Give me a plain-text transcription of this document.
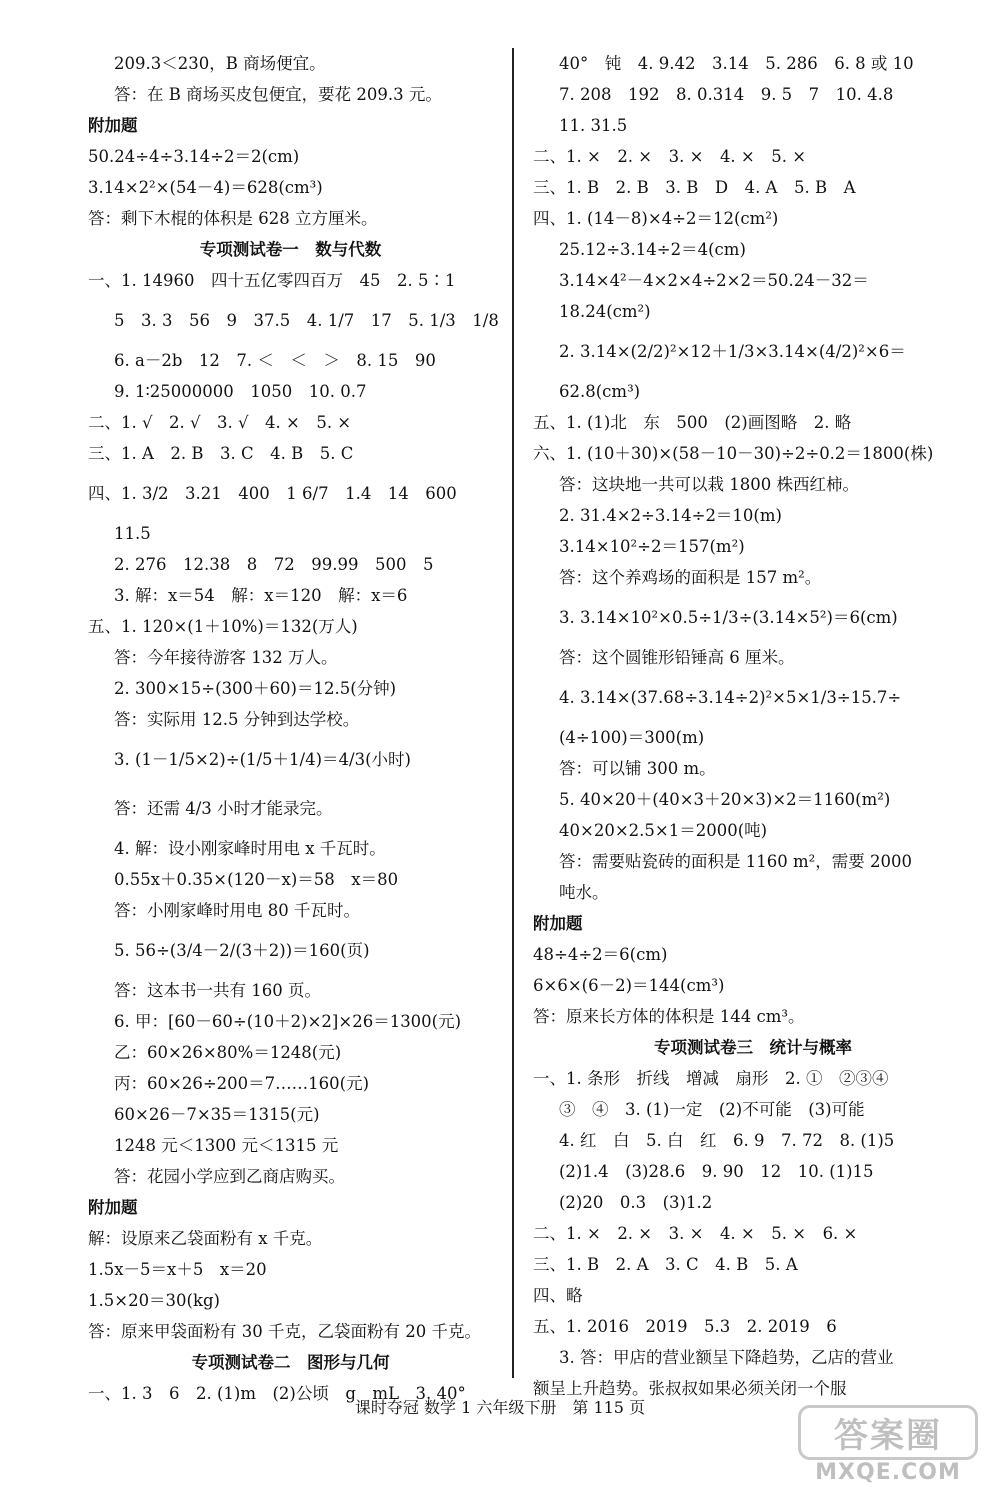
209.3＜230，B 商场便宜。
答：在 B 商场买皮包便宜，要花 209.3 元。
附加题
50.24÷4÷3.14÷2＝2(cm)
3.14×2²×(54－4)＝628(cm³)
答：剩下木棍的体积是 628 立方厘米。
专项测试卷一　数与代数
一、1. 14960　四十五亿零四百万　45　2. 5∶1
5　3. 3　56　9　37.5　4. 1/7　17　5. 1/3　1/8
6. a－2b　12　7. ＜　＜　＞　8. 15　90
9. 1∶25000000　1050　10. 0.7
二、1. √　2. √　3. √　4. ×　5. ×
三、1. A　2. B　3. C　4. B　5. C
四、1. 3/2　3.21　400　1 6/7　1.4　14　600
11.5
2. 276　12.38　8　72　99.99　500　5
3. 解：x＝54　解：x＝120　解：x＝6
五、1. 120×(1＋10%)＝132(万人)
答：今年接待游客 132 万人。
2. 300×15÷(300＋60)＝12.5(分钟)
答：实际用 12.5 分钟到达学校。
3. (1－1/5×2)÷(1/5＋1/4)＝4/3(小时)
答：还需 4/3 小时才能录完。
4. 解：设小刚家峰时用电 x 千瓦时。
0.55x＋0.35×(120－x)＝58　x＝80
答：小刚家峰时用电 80 千瓦时。
5. 56÷(3/4－2/(3＋2))＝160(页)
答：这本书一共有 160 页。
6. 甲：[60－60÷(10＋2)×2]×26＝1300(元)
乙：60×26×80%＝1248(元)
丙：60×26÷200＝7……160(元)
60×26－7×35＝1315(元)
1248 元＜1300 元＜1315 元
答：花园小学应到乙商店购买。
附加题
解：设原来乙袋面粉有 x 千克。
1.5x－5＝x＋5　x＝20
1.5×20＝30(kg)
答：原来甲袋面粉有 30 千克，乙袋面粉有 20 千克。
专项测试卷二　图形与几何
一、1. 3　6　2. (1)m　(2)公顷　g　mL　3. 40°
40°　钝　4. 9.42　3.14　5. 286　6. 8 或 10
7. 208　192　8. 0.314　9. 5　7　10. 4.8
11. 31.5
二、1. ×　2. ×　3. ×　4. ×　5. ×
三、1. B　2. B　3. B　D　4. A　5. B　A
四、1. (14－8)×4÷2＝12(cm²)
25.12÷3.14÷2＝4(cm)
3.14×4²－4×2×4÷2×2＝50.24－32＝
18.24(cm²)
2. 3.14×(2/2)²×12＋1/3×3.14×(4/2)²×6＝
62.8(cm³)
五、1. (1)北　东　500　(2)画图略　2. 略
六、1. (10＋30)×(58－10－30)÷2÷0.2＝1800(株)
答：这块地一共可以栽 1800 株西红柿。
2. 31.4×2÷3.14÷2＝10(m)
3.14×10²÷2＝157(m²)
答：这个养鸡场的面积是 157 m²。
3. 3.14×10²×0.5÷1/3÷(3.14×5²)＝6(cm)
答：这个圆锥形铅锤高 6 厘米。
4. 3.14×(37.68÷3.14÷2)²×5×1/3÷15.7÷
(4÷100)＝300(m)
答：可以铺 300 m。
5. 40×20＋(40×3＋20×3)×2＝1160(m²)
40×20×2.5×1＝2000(吨)
答：需要贴瓷砖的面积是 1160 m²，需要 2000
吨水。
附加题
48÷4÷2＝6(cm)
6×6×(6－2)＝144(cm³)
答：原来长方体的体积是 144 cm³。
专项测试卷三　统计与概率
一、1. 条形　折线　增减　扇形　2. ①　②③④
③　④　3. (1)一定　(2)不可能　(3)可能
4. 红　白　5. 白　红　6. 9　7. 72　8. (1)5
(2)1.4　(3)28.6　9. 90　12　10. (1)15
(2)20　0.3　(3)1.2
二、1. ×　2. ×　3. ×　4. ×　5. ×　6. ×
三、1. B　2. A　3. C　4. B　5. A
四、略
五、1. 2016　2019　5.3　2. 2019　6
3. 答：甲店的营业额呈下降趋势，乙店的营业
额呈上升趋势。张叔叔如果必须关闭一个服
课时夺冠 数学 1 六年级下册　第 115 页
答案圈
MXQE.COM
